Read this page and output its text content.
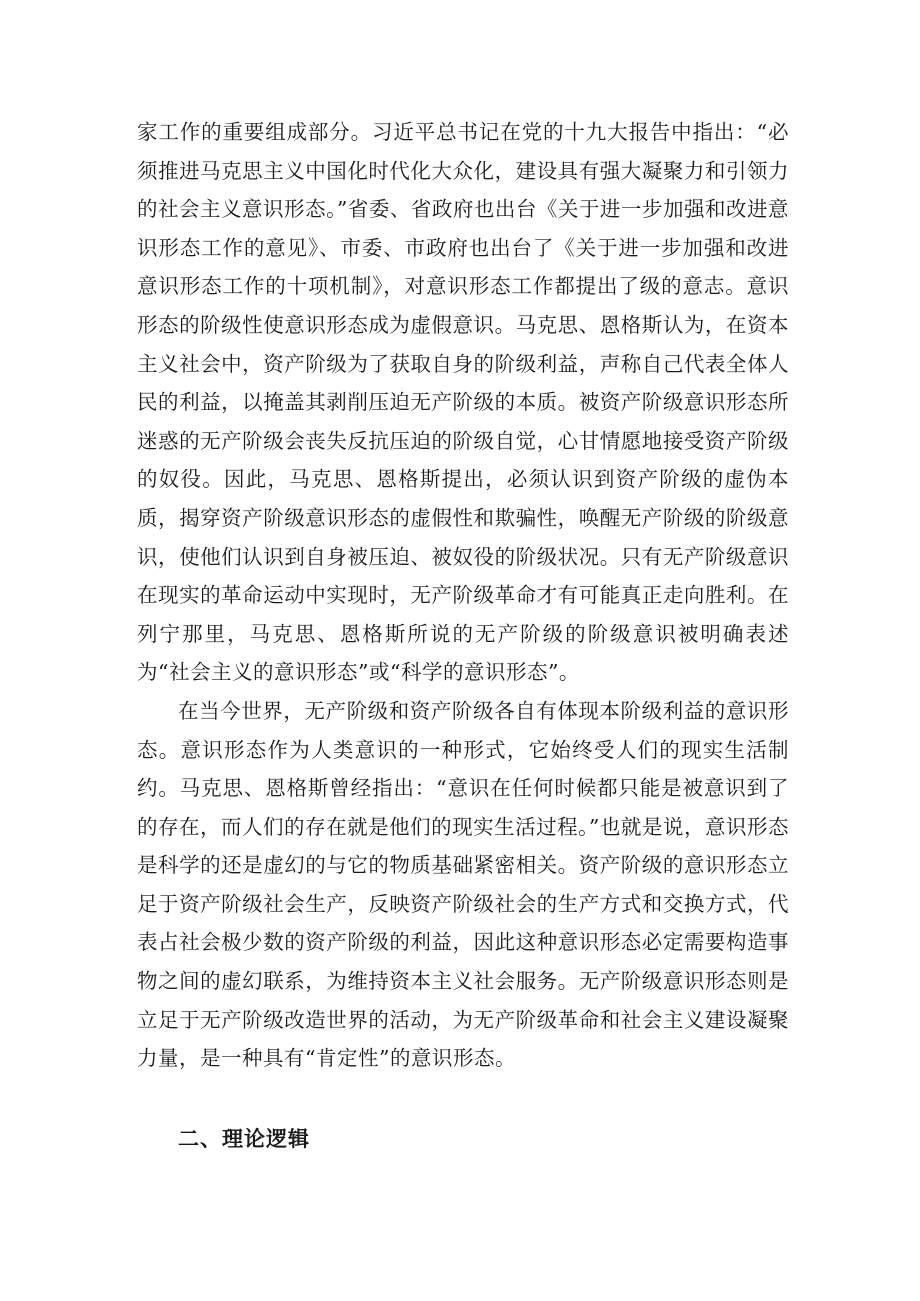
家工作的重要组成部分。习近平总书记在党的十九大报告中指出：“必须推进马克思主义中国化时代化大众化，建设具有强大凝聚力和引领力的社会主义意识形态。”省委、省政府也出台《关于进一步加强和改进意识形态工作的意见》、市委、市政府也出台了《关于进一步加强和改进意识形态工作的十项机制》，对意识形态工作都提出了级的意志。意识形态的阶级性使意识形态成为虚假意识。马克思、恩格斯认为，在资本主义社会中，资产阶级为了获取自身的阶级利益，声称自己代表全体人民的利益，以掩盖其剥削压迫无产阶级的本质。被资产阶级意识形态所迷惑的无产阶级会丧失反抗压迫的阶级自觉，心甘情愿地接受资产阶级的奴役。因此，马克思、恩格斯提出，必须认识到资产阶级的虚伪本质，揭穿资产阶级意识形态的虚假性和欺骗性，唤醒无产阶级的阶级意识，使他们认识到自身被压迫、被奴役的阶级状况。只有无产阶级意识在现实的革命运动中实现时，无产阶级革命才有可能真正走向胜利。在列宁那里，马克思、恩格斯所说的无产阶级的阶级意识被明确表述为“社会主义的意识形态”或“科学的意识形态”。

在当今世界，无产阶级和资产阶级各自有体现本阶级利益的意识形态。意识形态作为人类意识的一种形式，它始终受人们的现实生活制约。马克思、恩格斯曾经指出：“意识在任何时候都只能是被意识到了的存在，而人们的存在就是他们的现实生活过程。”也就是说，意识形态是科学的还是虚幻的与它的物质基础紧密相关。资产阶级的意识形态立足于资产阶级社会生产，反映资产阶级社会的生产方式和交换方式，代表占社会极少数的资产阶级的利益，因此这种意识形态必定需要构造事物之间的虚幻联系，为维持资本主义社会服务。无产阶级意识形态则是立足于无产阶级改造世界的活动，为无产阶级革命和社会主义建设凝聚力量，是一种具有“肯定性”的意识形态。

二、理论逻辑
